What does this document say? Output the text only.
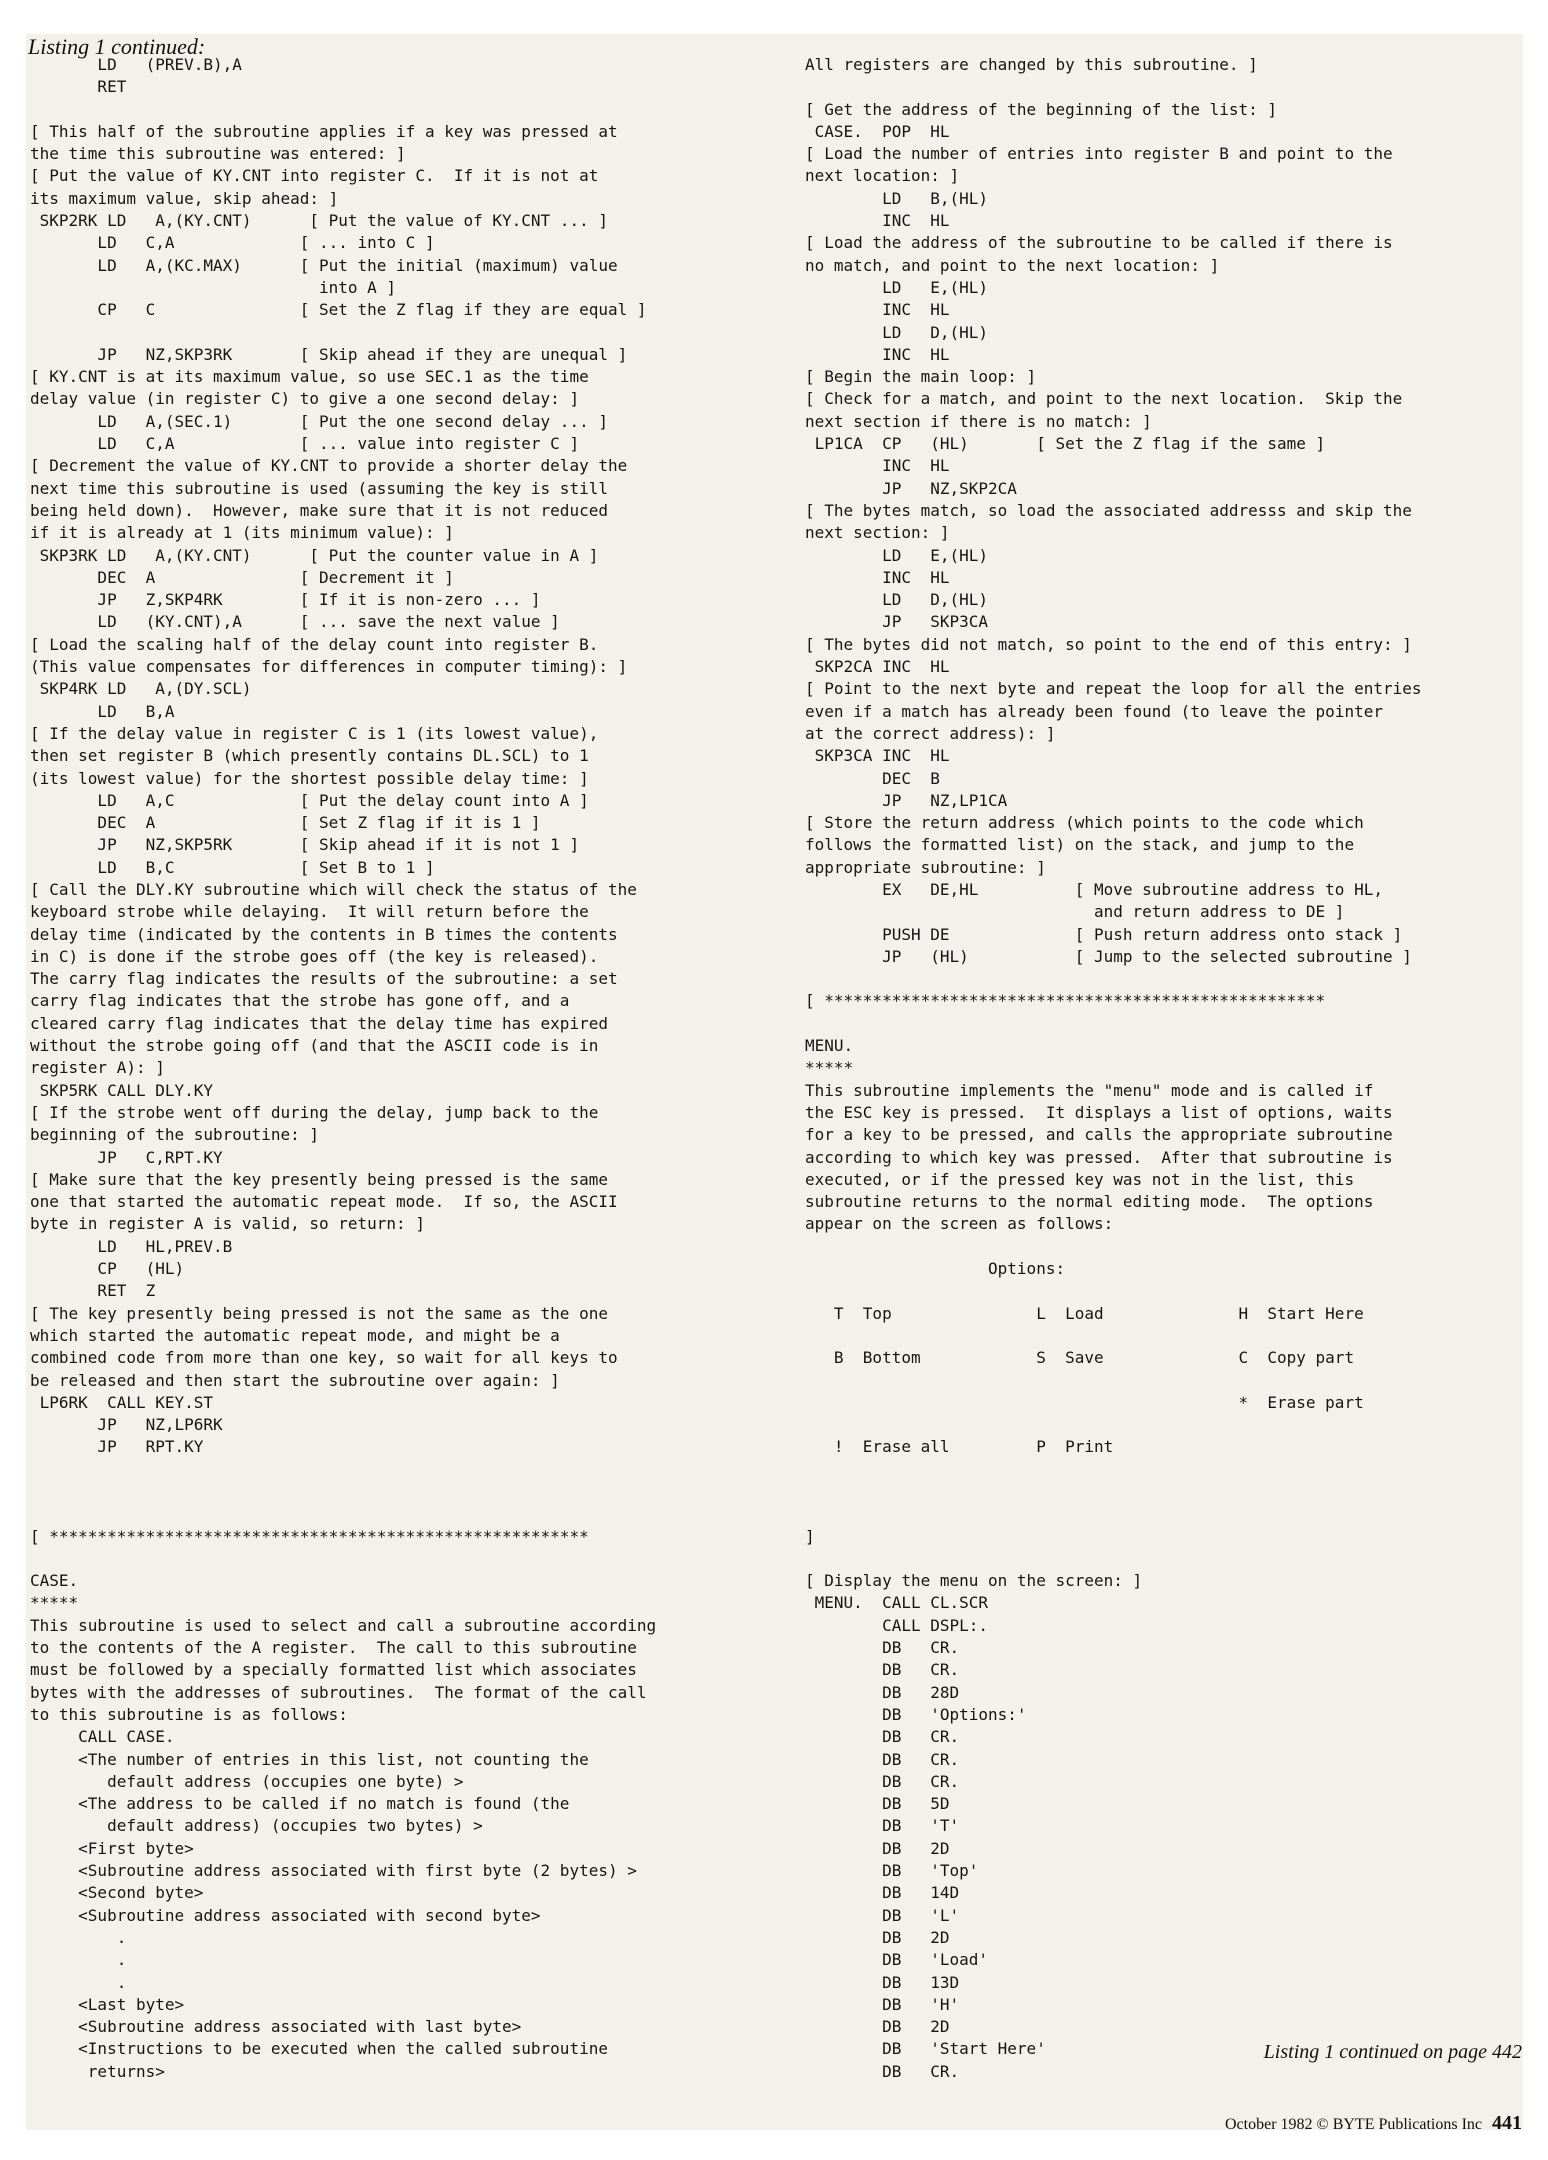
Listing 1 continued:
LD   (PREV.B),A
RET
[ This half of the subroutine applies if a key was pressed at
the time this subroutine was entered: ]
[ Put the value of KY.CNT into register C.  If it is not at
its maximum value, skip ahead: ]
SKP2RK LD   A,(KY.CNT)      [ Put the value of KY.CNT ... ]
LD   C,A             [ ... into C ]
LD   A,(KC.MAX)      [ Put the initial (maximum) value
into A ]
CP   C               [ Set the Z flag if they are equal ]
JP   NZ,SKP3RK       [ Skip ahead if they are unequal ]
[ KY.CNT is at its maximum value, so use SEC.1 as the time
delay value (in register C) to give a one second delay: ]
LD   A,(SEC.1)       [ Put the one second delay ... ]
LD   C,A             [ ... value into register C ]
[ Decrement the value of KY.CNT to provide a shorter delay the
next time this subroutine is used (assuming the key is still
being held down).  However, make sure that it is not reduced
if it is already at 1 (its minimum value): ]
SKP3RK LD   A,(KY.CNT)      [ Put the counter value in A ]
DEC  A               [ Decrement it ]
JP   Z,SKP4RK        [ If it is non-zero ... ]
LD   (KY.CNT),A      [ ... save the next value ]
[ Load the scaling half of the delay count into register B.
(This value compensates for differences in computer timing): ]
SKP4RK LD   A,(DY.SCL)
LD   B,A
[ If the delay value in register C is 1 (its lowest value),
then set register B (which presently contains DL.SCL) to 1
(its lowest value) for the shortest possible delay time: ]
LD   A,C             [ Put the delay count into A ]
DEC  A               [ Set Z flag if it is 1 ]
JP   NZ,SKP5RK       [ Skip ahead if it is not 1 ]
LD   B,C             [ Set B to 1 ]
[ Call the DLY.KY subroutine which will check the status of the
keyboard strobe while delaying.  It will return before the
delay time (indicated by the contents in B times the contents
in C) is done if the strobe goes off (the key is released).
The carry flag indicates the results of the subroutine: a set
carry flag indicates that the strobe has gone off, and a
cleared carry flag indicates that the delay time has expired
without the strobe going off (and that the ASCII code is in
register A): ]
SKP5RK CALL DLY.KY
[ If the strobe went off during the delay, jump back to the
beginning of the subroutine: ]
JP   C,RPT.KY
[ Make sure that the key presently being pressed is the same
one that started the automatic repeat mode.  If so, the ASCII
byte in register A is valid, so return: ]
LD   HL,PREV.B
CP   (HL)
RET  Z
[ The key presently being pressed is not the same as the one
which started the automatic repeat mode, and might be a
combined code from more than one key, so wait for all keys to
be released and then start the subroutine over again: ]
LP6RK  CALL KEY.ST
JP   NZ,LP6RK
JP   RPT.KY
[ ********************************************************
CASE.
*****
This subroutine is used to select and call a subroutine according
to the contents of the A register.  The call to this subroutine
must be followed by a specially formatted list which associates
bytes with the addresses of subroutines.  The format of the call
to this subroutine is as follows:
CALL CASE.
<The number of entries in this list, not counting the
default address (occupies one byte) >
<The address to be called if no match is found (the
default address) (occupies two bytes) >
<First byte>
<Subroutine address associated with first byte (2 bytes) >
<Second byte>
<Subroutine address associated with second byte>
.
.
.
<Last byte>
<Subroutine address associated with last byte>
<Instructions to be executed when the called subroutine
returns>
All registers are changed by this subroutine. ]
[ Get the address of the beginning of the list: ]
CASE.  POP  HL
[ Load the number of entries into register B and point to the
next location: ]
LD   B,(HL)
INC  HL
[ Load the address of the subroutine to be called if there is
no match, and point to the next location: ]
LD   E,(HL)
INC  HL
LD   D,(HL)
INC  HL
[ Begin the main loop: ]
[ Check for a match, and point to the next location.  Skip the
next section if there is no match: ]
LP1CA  CP   (HL)       [ Set the Z flag if the same ]
INC  HL
JP   NZ,SKP2CA
[ The bytes match, so load the associated addresss and skip the
next section: ]
LD   E,(HL)
INC  HL
LD   D,(HL)
JP   SKP3CA
[ The bytes did not match, so point to the end of this entry: ]
SKP2CA INC  HL
[ Point to the next byte and repeat the loop for all the entries
even if a match has already been found (to leave the pointer
at the correct address): ]
SKP3CA INC  HL
DEC  B
JP   NZ,LP1CA
[ Store the return address (which points to the code which
follows the formatted list) on the stack, and jump to the
appropriate subroutine: ]
EX   DE,HL          [ Move subroutine address to HL,
and return address to DE ]
PUSH DE             [ Push return address onto stack ]
JP   (HL)           [ Jump to the selected subroutine ]
[ ****************************************************
MENU.
*****
This subroutine implements the "menu" mode and is called if
the ESC key is pressed.  It displays a list of options, waits
for a key to be pressed, and calls the appropriate subroutine
according to which key was pressed.  After that subroutine is
executed, or if the pressed key was not in the list, this
subroutine returns to the normal editing mode.  The options
appear on the screen as follows:
Options:
T  Top               L  Load              H  Start Here
B  Bottom            S  Save              C  Copy part
*  Erase part
!  Erase all         P  Print
]
[ Display the menu on the screen: ]
MENU.  CALL CL.SCR
CALL DSPL:.
DB   CR.
DB   CR.
DB   28D
DB   'Options:'
DB   CR.
DB   CR.
DB   CR.
DB   5D
DB   'T'
DB   2D
DB   'Top'
DB   14D
DB   'L'
DB   2D
DB   'Load'
DB   13D
DB   'H'
DB   2D
DB   'Start Here'
DB   CR.
Listing 1 continued on page 442
October 1982 © BYTE Publications Inc 441
